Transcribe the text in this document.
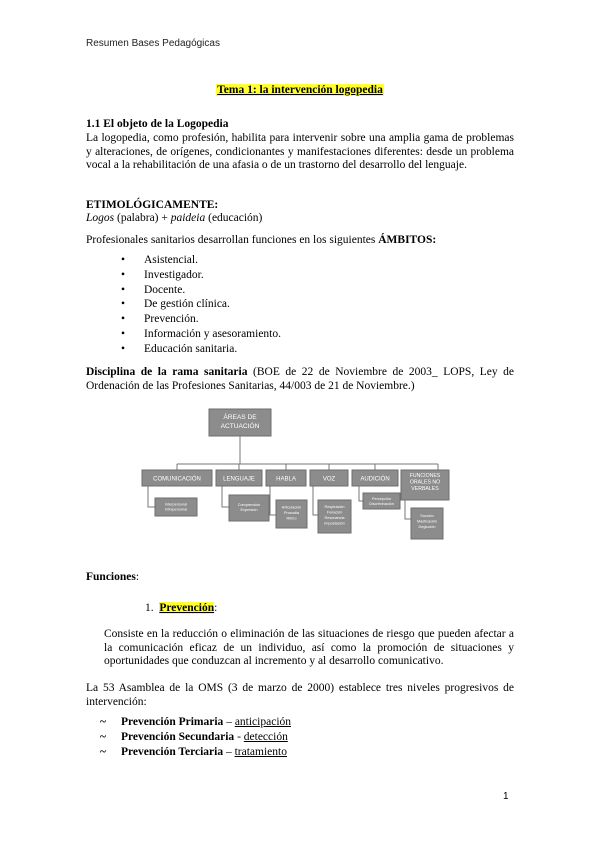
Resumen Bases Pedagógicas
Tema 1: la intervención logopedia
1.1 El objeto de la Logopedia
La logopedia, como profesión, habilita para intervenir sobre una amplia gama de problemas y alteraciones, de orígenes, condicionantes y manifestaciones diferentes: desde un problema vocal a la rehabilitación de una afasia o de un trastorno del desarrollo del lenguaje.
ETIMOLÓGICAMENTE:
Logos (palabra) + paideia (educación)
Profesionales sanitarios desarrollan funciones en los siguientes ÁMBITOS:
• Asistencial.
• Investigador.
• Docente.
• De gestión clínica.
• Prevención.
• Información y asesoramiento.
• Educación sanitaria.
Disciplina de la rama sanitaria (BOE de 22 de Noviembre de 2003_ LOPS, Ley de Ordenación de las Profesiones Sanitarias, 44/003 de 21 de Noviembre.)
ÁREAS DE
ACTUACIÓN
COMUNICACIÓN	LENGUAJE	HABLA	VOZ	AUDICIÓN
FUNCIONES
ORALES NO
VERBALES
Interpersonal
Intrapersonal
Comprensión
Expresión
Articulación
Prosodia
Ritmo
Respiración
Fonación
Resonancia
Impostación
Percepción
Discriminación
Succión
Masticación
Deglución
Funciones:
1. Prevención:
Consiste en la reducción o eliminación de las situaciones de riesgo que pueden afectar a la comunicación eficaz de un individuo, así como la promoción de situaciones y oportunidades que conduzcan al incremento y al desarrollo comunicativo.
La 53 Asamblea de la OMS (3 de marzo de 2000) establece tres niveles progresivos de intervención:
~ Prevención Primaria – anticipación
~ Prevención Secundaria - detección
~ Prevención Terciaria – tratamiento
1
